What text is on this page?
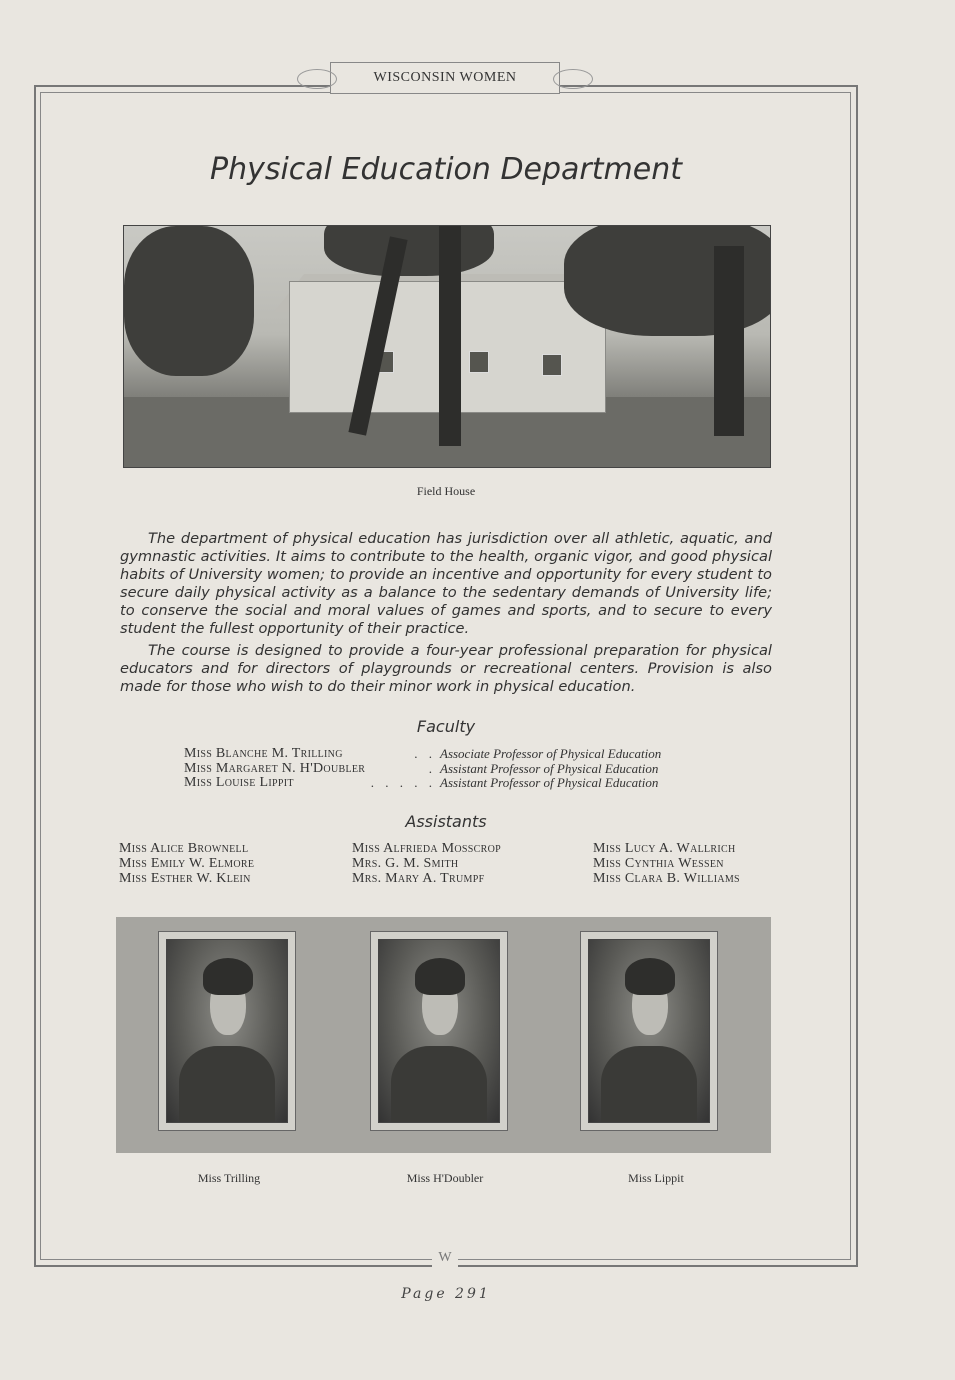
WISCONSIN WOMEN
Physical Education Department
Field House

The department of physical education has jurisdiction over all athletic, aquatic, and gymnastic activities. It aims to contribute to the health, organic vigor, and good physical habits of University women; to provide an incentive and opportunity for every student to secure daily physical activity as a balance to the sedentary demands of University life; to conserve the social and moral values of games and sports, and to secure to every student the fullest opportunity of their practice.

The course is designed to provide a four-year professional preparation for physical educators and for directors of playgrounds or recreational centers. Provision is also made for those who wish to do their minor work in physical education.

Faculty
Miss Blanche M. Trilling	. . Associate Professor of Physical Education
Miss Margaret N. H'Doubler	. Assistant Professor of Physical Education
Miss Louise Lippit	. . . . . Assistant Professor of Physical Education
Assistants
Miss Alice Brownell
Miss Emily W. Elmore
Miss Esther W. Klein
Miss Alfrieda Mosscrop
Mrs. G. M. Smith
Mrs. Mary A. Trumpf
Miss Lucy A. Wallrich
Miss Cynthia Wessen
Miss Clara B. Williams
Miss Trilling	Miss H'Doubler	Miss Lippit
W
Page 291
